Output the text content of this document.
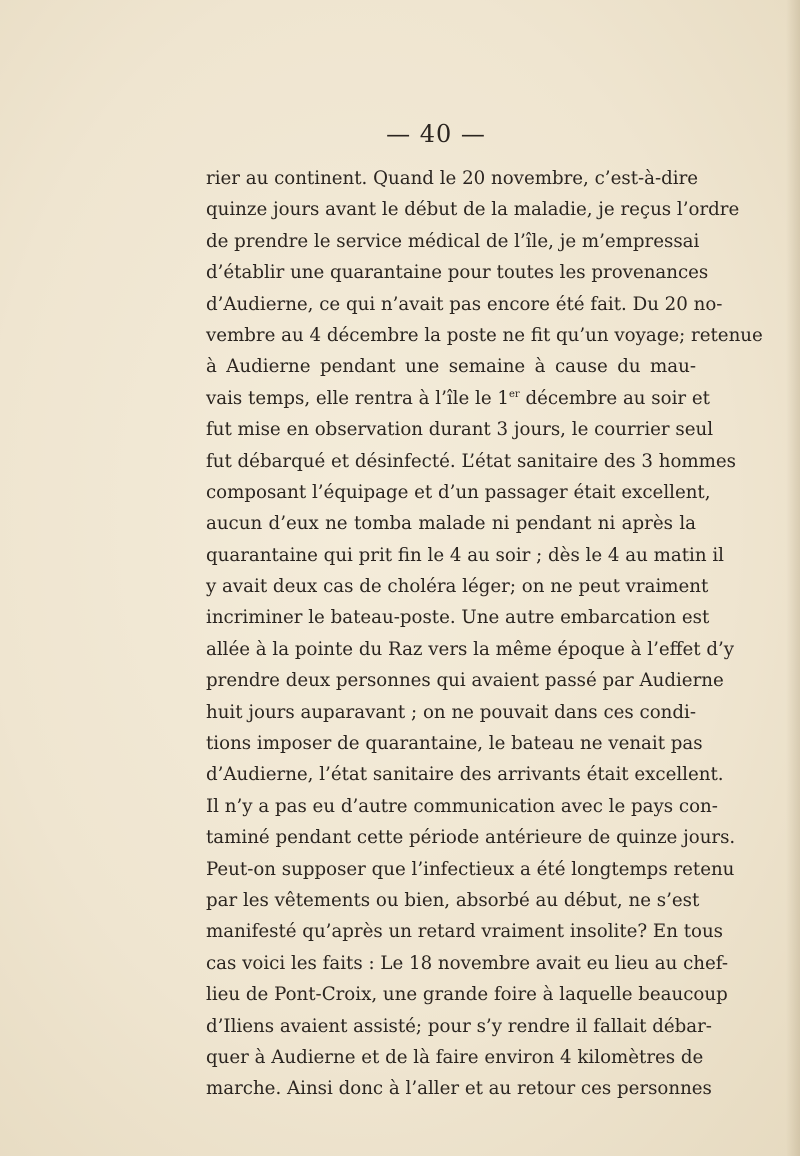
— 40 —
rier au continent. Quand le 20 novembre, c’est-à-dire
quinze jours avant le début de la maladie, je reçus l’ordre
de prendre le service médical de l’île, je m’empressai
d’établir une quarantaine pour toutes les provenances
d’Audierne, ce qui n’avait pas encore été fait. Du 20 no-
vembre au 4 décembre la poste ne fit qu’un voyage; retenue
à Audierne pendant une semaine à cause du mau-
vais temps, elle rentra à l’île le 1er décembre au soir et
fut mise en observation durant 3 jours, le courrier seul
fut débarqué et désinfecté. L’état sanitaire des 3 hommes
composant l’équipage et d’un passager était excellent,
aucun d’eux ne tomba malade ni pendant ni après la
quarantaine qui prit fin le 4 au soir ; dès le 4 au matin il
y avait deux cas de choléra léger; on ne peut vraiment
incriminer le bateau-poste. Une autre embarcation est
allée à la pointe du Raz vers la même époque à l’effet d’y
prendre deux personnes qui avaient passé par Audierne
huit jours auparavant ; on ne pouvait dans ces condi-
tions imposer de quarantaine, le bateau ne venait pas
d’Audierne, l’état sanitaire des arrivants était excellent.
Il n’y a pas eu d’autre communication avec le pays con-
taminé pendant cette période antérieure de quinze jours.
Peut-on supposer que l’infectieux a été longtemps retenu
par les vêtements ou bien, absorbé au début, ne s’est
manifesté qu’après un retard vraiment insolite? En tous
cas voici les faits : Le 18 novembre avait eu lieu au chef-
lieu de Pont-Croix, une grande foire à laquelle beaucoup
d’Iliens avaient assisté; pour s’y rendre il fallait débar-
quer à Audierne et de là faire environ 4 kilomètres de
marche. Ainsi donc à l’aller et au retour ces personnes
